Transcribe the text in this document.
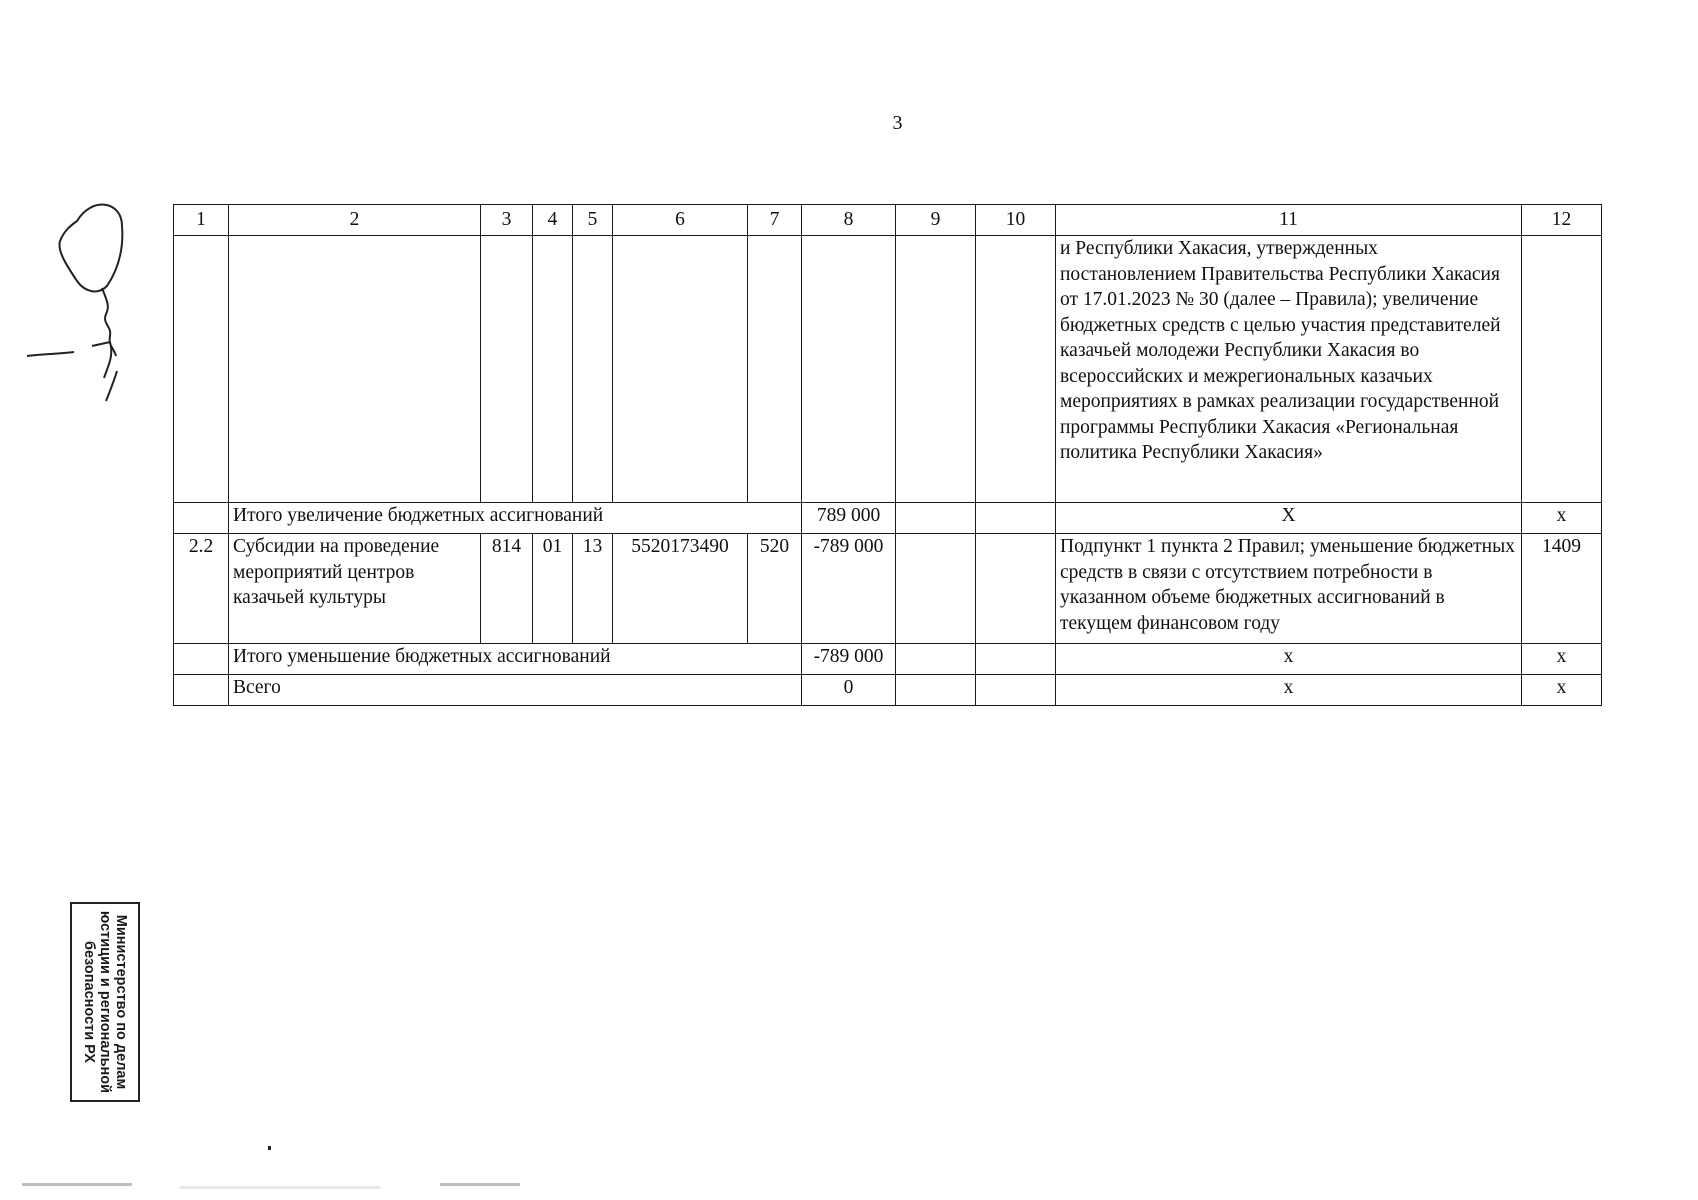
3
1	2	3	4	5	6	7	8	9	10	11	12
										и Республики Хакасия, утвержденных постановлением Правительства Республики Хакасия от 17.01.2023 № 30 (далее – Правила); увеличение бюджетных средств с целью участия представителей казачьей молодежи Республики Хакасия во всероссийских и межрегиональных казачьих мероприятиях в рамках реализации государственной программы Республики Хакасия «Региональная политика Республики Хакасия»	
	Итого увеличение бюджетных ассигнований						789 000			X	x
2.2	Субсидии на проведение мероприятий центров казачьей культуры	814	01	13	5520173490	520	-789 000			Подпункт 1 пункта 2 Правил; уменьшение бюджетных средств в связи с отсутствием потребности в указанном объеме бюджетных ассигнований в текущем финансовом году	1409
	Итого уменьшение бюджетных ассигнований						-789 000			x	x
	Всего						0			x	x
Министерство по делам юстиции и региональной безопасности РХ
